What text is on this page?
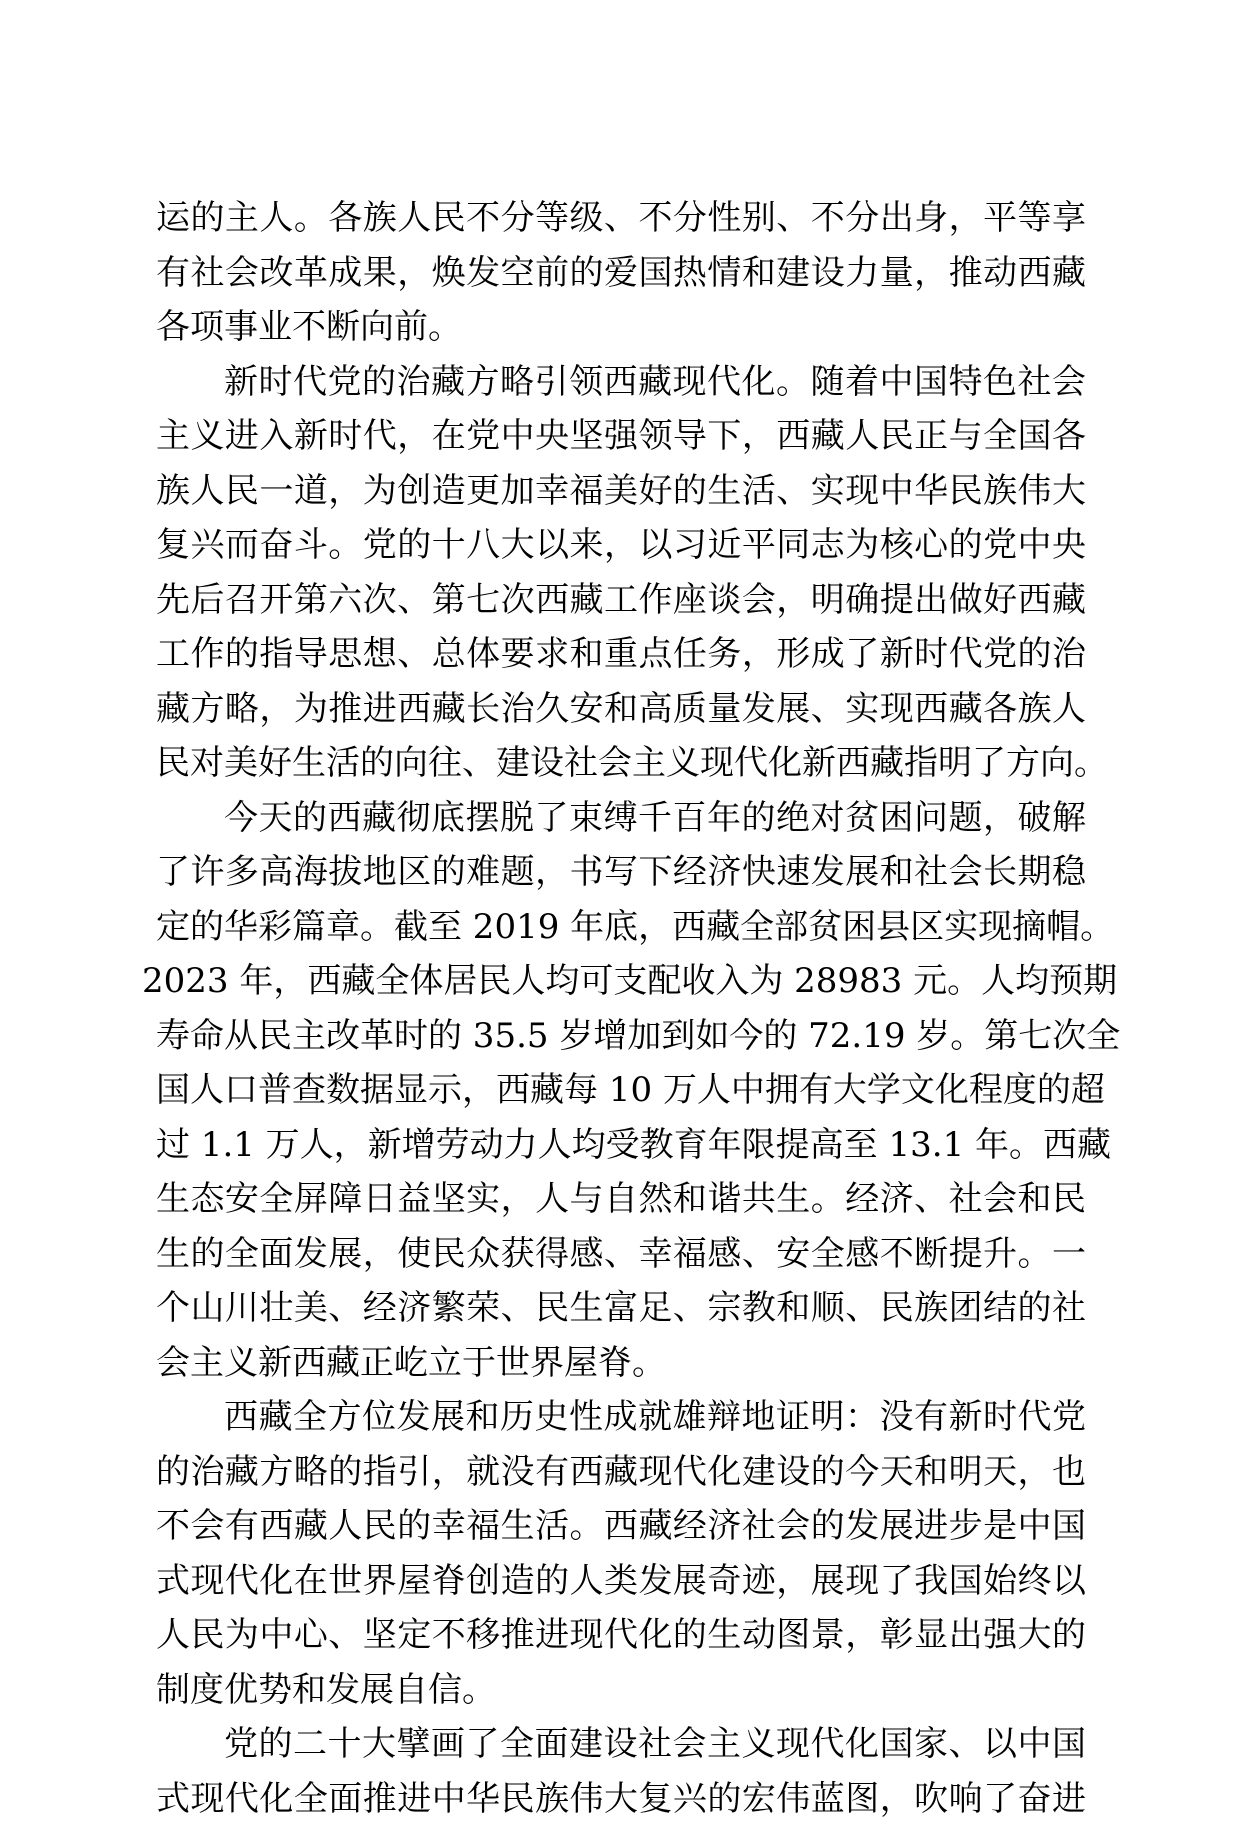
运的主人。各族人民不分等级、不分性别、不分出身，平等享
有社会改革成果，焕发空前的爱国热情和建设力量，推动西藏
各项事业不断向前。
新时代党的治藏方略引领西藏现代化。随着中国特色社会
主义进入新时代，在党中央坚强领导下，西藏人民正与全国各
族人民一道，为创造更加幸福美好的生活、实现中华民族伟大
复兴而奋斗。党的十八大以来，以习近平同志为核心的党中央
先后召开第六次、第七次西藏工作座谈会，明确提出做好西藏
工作的指导思想、总体要求和重点任务，形成了新时代党的治
藏方略，为推进西藏长治久安和高质量发展、实现西藏各族人
民对美好生活的向往、建设社会主义现代化新西藏指明了方向。
今天的西藏彻底摆脱了束缚千百年的绝对贫困问题，破解
了许多高海拔地区的难题，书写下经济快速发展和社会长期稳
定的华彩篇章。截至 2019 年底，西藏全部贫困县区实现摘帽。
2023 年，西藏全体居民人均可支配收入为 28983 元。人均预期
寿命从民主改革时的 35.5 岁增加到如今的 72.19 岁。第七次全
国人口普查数据显示，西藏每 10 万人中拥有大学文化程度的超
过 1.1 万人，新增劳动力人均受教育年限提高至 13.1 年。西藏
生态安全屏障日益坚实，人与自然和谐共生。经济、社会和民
生的全面发展，使民众获得感、幸福感、安全感不断提升。一
个山川壮美、经济繁荣、民生富足、宗教和顺、民族团结的社
会主义新西藏正屹立于世界屋脊。
西藏全方位发展和历史性成就雄辩地证明：没有新时代党
的治藏方略的指引，就没有西藏现代化建设的今天和明天，也
不会有西藏人民的幸福生活。西藏经济社会的发展进步是中国
式现代化在世界屋脊创造的人类发展奇迹，展现了我国始终以
人民为中心、坚定不移推进现代化的生动图景，彰显出强大的
制度优势和发展自信。
党的二十大擘画了全面建设社会主义现代化国家、以中国
式现代化全面推进中华民族伟大复兴的宏伟蓝图，吹响了奋进
